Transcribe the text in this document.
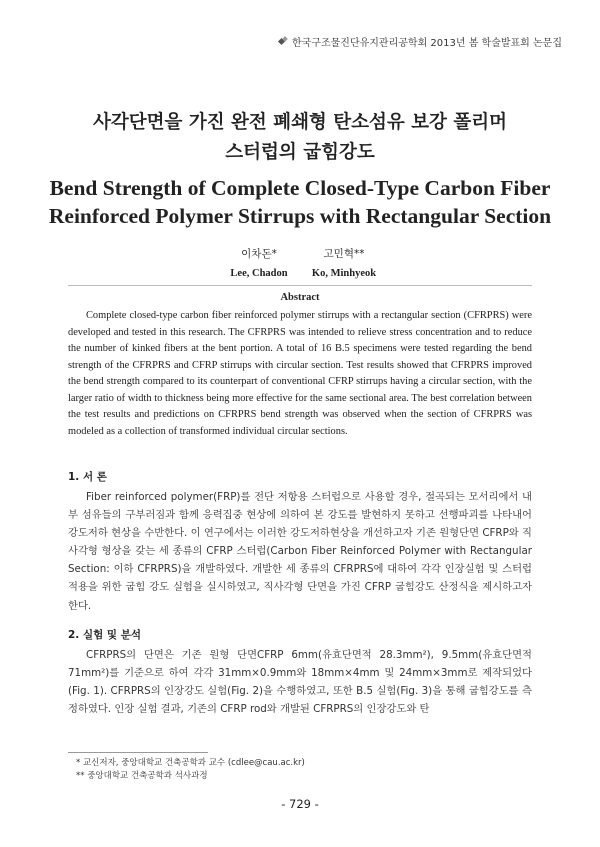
한국구조물진단유지관리공학회 2013년 봄 학술발표회 논문집
사각단면을 가진 완전 폐쇄형 탄소섬유 보강 폴리머
스터럽의 굽힘강도
Bend Strength of Complete Closed-Type Carbon Fiber
Reinforced Polymer Stirrups with Rectangular Section
이차돈*
Lee, Chadon
고민혁**
Ko, Minhyeok
Abstract

Complete closed-type carbon fiber reinforced polymer stirrups with a rectangular section (CFRPRS) were developed and tested in this research. The CFRPRS was intended to relieve stress concentration and to reduce the number of kinked fibers at the bent portion. A total of 16 B.5 specimens were tested regarding the bend strength of the CFRPRS and CFRP stirrups with circular section. Test results showed that CFRPRS improved the bend strength compared to its counterpart of conventional CFRP stirrups having a circular section, with the larger ratio of width to thickness being more effective for the same sectional area. The best correlation between the test results and predictions on CFRPRS bend strength was observed when the section of CFRPRS was modeled as a collection of transformed individual circular sections.

1. 서 론

Fiber reinforced polymer(FRP)를 전단 저항용 스터럽으로 사용할 경우, 절곡되는 모서리에서 내부 섬유들의 구부러짐과 함께 응력집중 현상에 의하여 본 강도를 발현하지 못하고 선행파괴를 나타내어 강도저하 현상을 수반한다. 이 연구에서는 이러한 강도저하현상을 개선하고자 기존 원형단면 CFRP와 직사각형 형상을 갖는 세 종류의 CFRP 스터럽(Carbon Fiber Reinforced Polymer with Rectangular Section: 이하 CFRPRS)을 개발하였다. 개발한 세 종류의 CFRPRS에 대하여 각각 인장실험 및 스터럽 적용을 위한 굽힘 강도 실험을 실시하였고, 직사각형 단면을 가진 CFRP 굽힘강도 산정식을 제시하고자 한다.

2. 실험 및 분석

CFRPRS의 단면은 기존 원형 단면CFRP 6mm(유효단면적 28.3mm²), 9.5mm(유효단면적 71mm²)를 기준으로 하여 각각 31mm×0.9mm와 18mm×4mm 및 24mm×3mm로 제작되었다(Fig. 1). CFRPRS의 인장강도 실험(Fig. 2)을 수행하였고, 또한 B.5 실험(Fig. 3)을 통해 굽힘강도를 측정하였다. 인장 실험 결과, 기존의 CFRP rod와 개발된 CFRPRS의 인장강도와 탄

* 교신저자, 중앙대학교 건축공학과 교수 (cdlee@cau.ac.kr)

** 중앙대학교 건축공학과 석사과정

- 729 -
